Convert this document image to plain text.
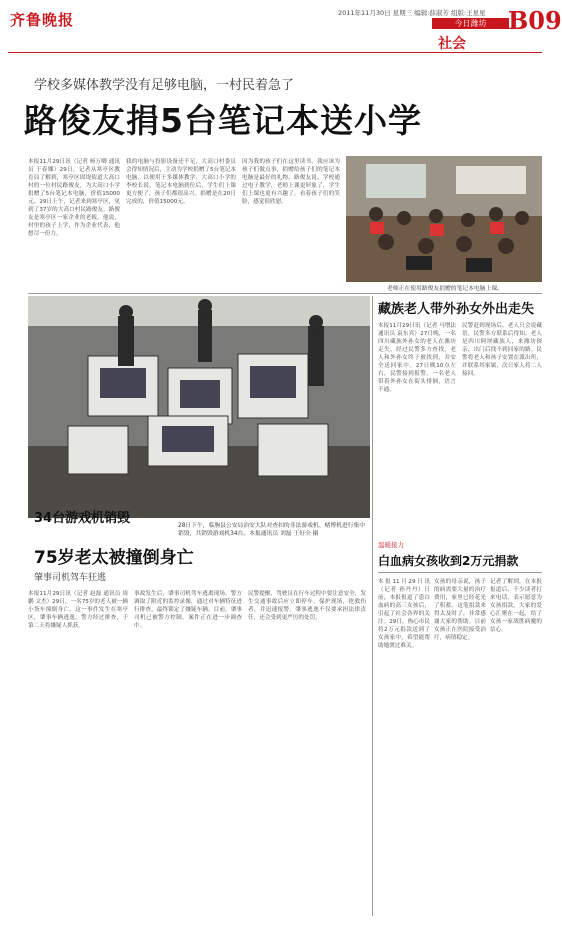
齐鲁晚报	2011年11月30日 星期三 编辑:薛淑芳 组版:王星星
今日潍坊
社会
B09
学校多媒体教学没有足够电脑，一村民着急了
路俊友捐5台笔记本送小学
本报11月29日讯（记者 杨万卿 通讯员 于春娜）29日，记者从寒亭区教育局了解到，寒亭区固堤街道大高口村的一位村民路俊友，为大高口小学捐赠了5台笔记本电脑，价值15000元。29日上午，记者来到寒亭区，见到了37岁的大高口村民路俊友，路俊友是寒亭区一家企业的老板，他说，村里的孩子上学，作为企业代表，他想尽一份力。
我的电脑与投影设备还不足，大高口村委员会得知情况后，主动为学校捐赠了5台笔记本电脑，以便用于多媒体教学。大高口小学的李校长说，笔记本电脑到位后，学生们上课更方便了，孩子们都很高兴。捐赠是在20日完成的，价值15000元。
因为我的孩子们在这里读书，我应该为孩子们做点事，捐赠给孩子们的笔记本电脑是最好的礼物。路俊友说，学校通过电子教学，老师上课更形象了，学生们上课也更有兴趣了，看着孩子们的笑脸，感觉很欣慰。
老师正在使用路俊友捐赠的笔记本电脑上课。
28日下午，临朐县公安局治安大队对查扣的非法游戏机、赌博机进行集中销毁，共销毁游戏机34台。本报通讯员 刘磊 王好全 摄
34台游戏机销毁
藏族老人带外孙女外出走失
本报11月29日讯（记者 马增法 通讯员 袁东宾）27日晚，一名四川藏族外孙女的老人在潍坊走失，经过民警多方查找，老人和外孙女终于被找到，并安全送回家中。27日晚10点左右，民警接到报警，一名老人带着外孙女在街头徘徊，语言不通。
民警赶到现场后，老人只会说藏语，民警多方联系后得知，老人是四川阿坝藏族人，来潍坊探亲，出门后找不到回家的路。民警将老人和孩子安置在派出所，并联系其家属，次日家人将二人接回。
75岁老太被撞倒身亡
肇事司机驾车狂逃
本报11月29日讯（记者 赵磊 通讯员 周鹏 文杰）29日，一名75岁的老人被一辆小货车撞倒身亡，这一事件发生在寒亭区，肇事车辆逃逸。警方经过排查，于第二天将嫌疑人抓获。
事故发生后，肇事司机驾车逃离现场。警方调取了附近的监控录像，通过对车辆特征进行排查，最终锁定了嫌疑车辆。目前，肇事司机已被警方控制，案件正在进一步调查中。
民警提醒，驾驶员在行车过程中要注意安全，发生交通事故后应立即停车，保护现场，抢救伤者，并迅速报警。肇事逃逸不仅要承担法律责任，还会受到更严厉的处罚。
温暖接力
白血病女孩收到2万元捐款
本报11月29日讯（记者 孙丹丹）日前，本报报道了患白血病的高三女孩后，引起了社会各界的关注。29日，热心市民将2万元捐款送到了女孩家中，希望能帮助她渡过难关。
女孩的母亲说，孩子的病需要大量的治疗费用，家里已经花光了积蓄。这笔捐款来得太及时了，非常感谢大家的帮助。目前女孩正在医院接受治疗，病情稳定。
记者了解到，在本报报道后，不少读者打来电话，表示愿意为女孩捐款。大家的爱心汇聚在一起，给了女孩一家战胜病魔的信心。
